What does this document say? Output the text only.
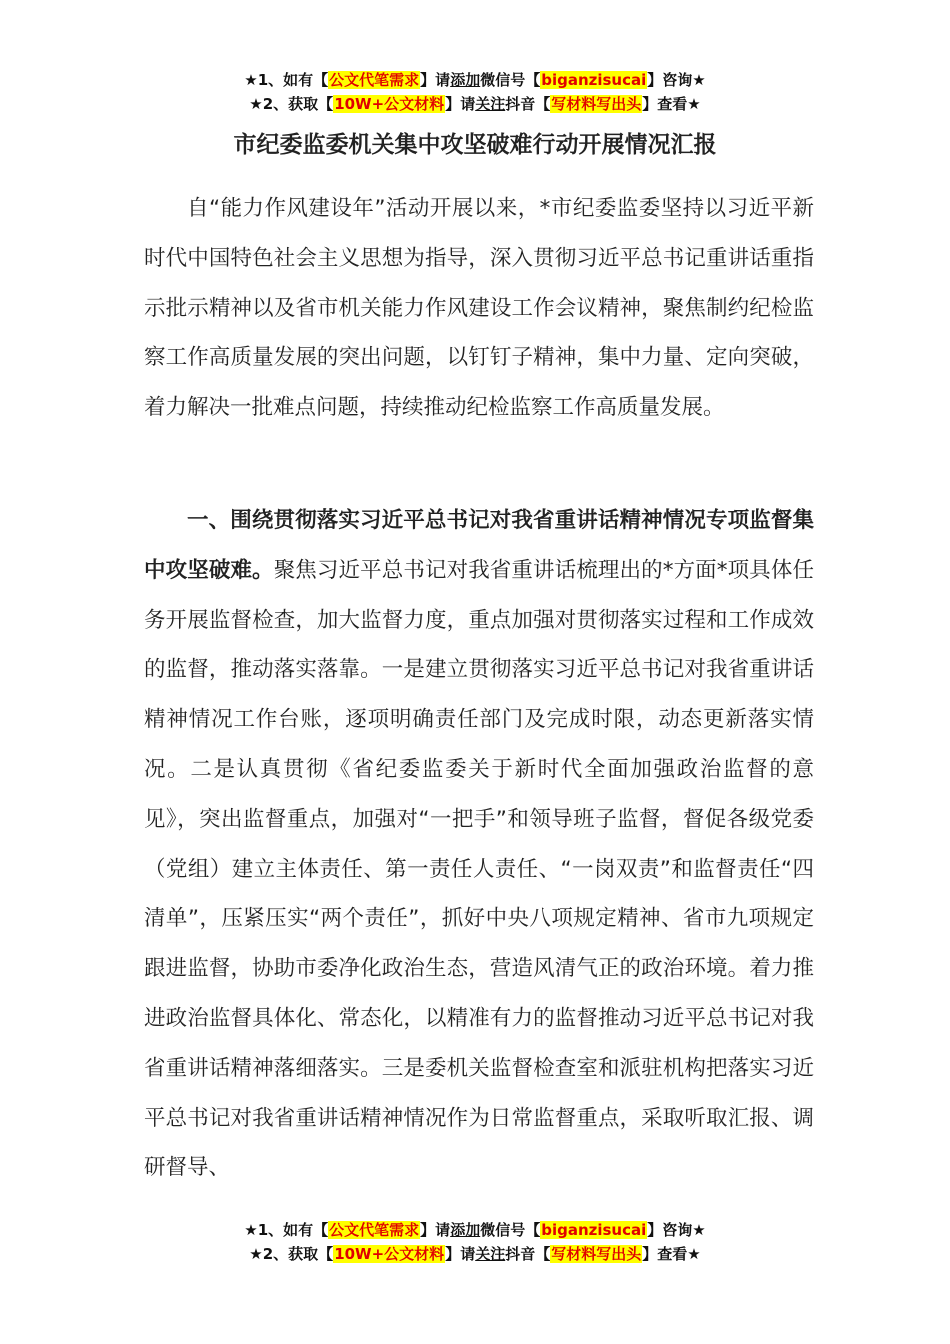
★1、如有【公文代笔需求】请添加微信号【biganzisucai】咨询★
★2、获取【10W+公文材料】请关注抖音【写材料写出头】查看★
市纪委监委机关集中攻坚破难行动开展情况汇报

自“能力作风建设年”活动开展以来，*市纪委监委坚持以习近平新时代中国特色社会主义思想为指导，深入贯彻习近平总书记重讲话重指示批示精神以及省市机关能力作风建设工作会议精神，聚焦制约纪检监察工作高质量发展的突出问题，以钉钉子精神，集中力量、定向突破，着力解决一批难点问题，持续推动纪检监察工作高质量发展。

一、围绕贯彻落实习近平总书记对我省重讲话精神情况专项监督集中攻坚破难。聚焦习近平总书记对我省重讲话梳理出的*方面*项具体任务开展监督检查，加大监督力度，重点加强对贯彻落实过程和工作成效的监督，推动落实落靠。一是建立贯彻落实习近平总书记对我省重讲话精神情况工作台账，逐项明确责任部门及完成时限，动态更新落实情况。二是认真贯彻《省纪委监委关于新时代全面加强政治监督的意见》，突出监督重点，加强对“一把手”和领导班子监督，督促各级党委（党组）建立主体责任、第一责任人责任、“一岗双责”和监督责任“四清单”，压紧压实“两个责任”，抓好中央八项规定精神、省市九项规定跟进监督，协助市委净化政治生态，营造风清气正的政治环境。着力推进政治监督具体化、常态化，以精准有力的监督推动习近平总书记对我省重讲话精神落细落实。三是委机关监督检查室和派驻机构把落实习近平总书记对我省重讲话精神情况作为日常监督重点，采取听取汇报、调研督导、

★1、如有【公文代笔需求】请添加微信号【biganzisucai】咨询★
★2、获取【10W+公文材料】请关注抖音【写材料写出头】查看★
